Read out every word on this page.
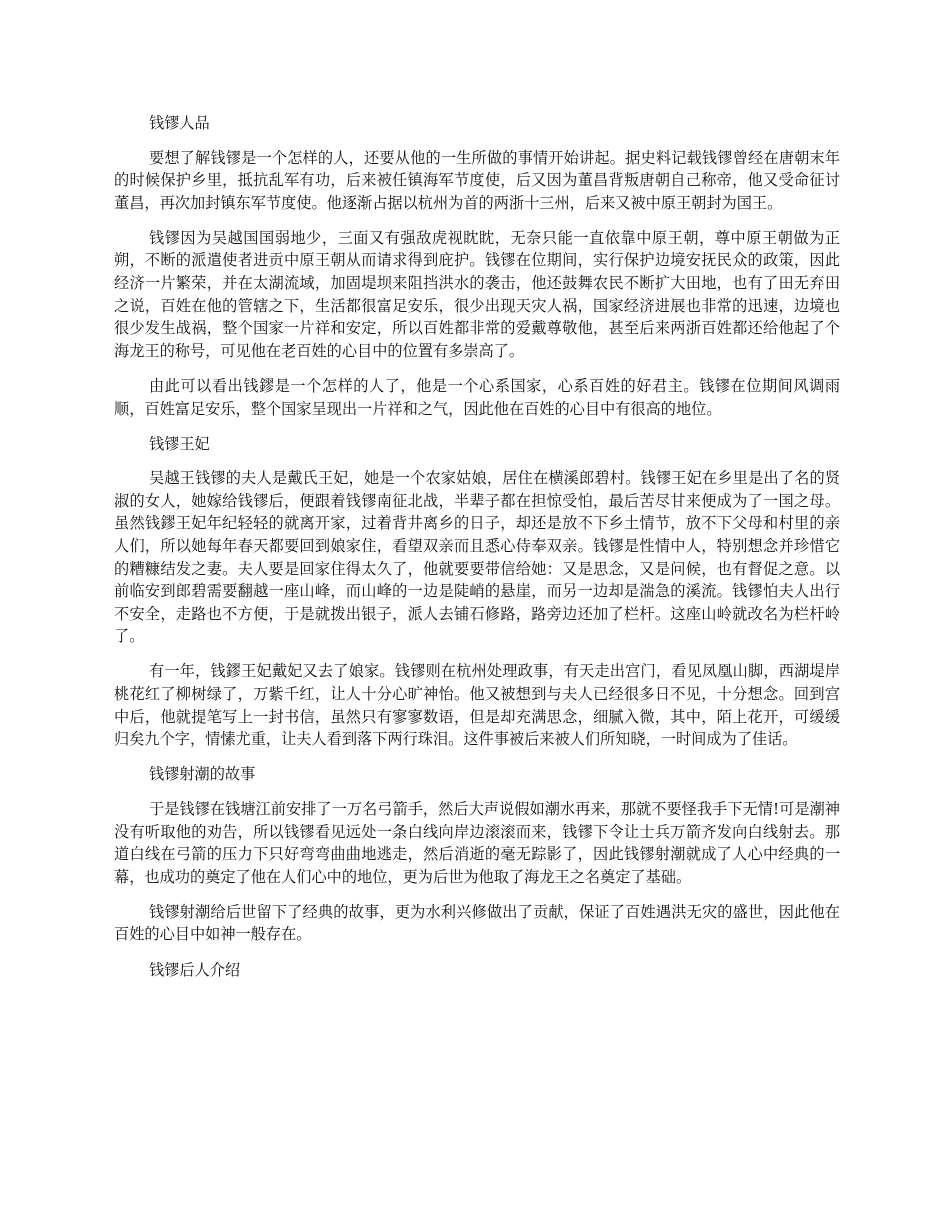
钱镠人品

要想了解钱镠是一个怎样的人，还要从他的一生所做的事情开始讲起。据史料记载钱镠曾经在唐朝末年的时候保护乡里，抵抗乱军有功，后来被任镇海军节度使，后又因为董昌背叛唐朝自己称帝，他又受命征讨董昌，再次加封镇东军节度使。他逐渐占据以杭州为首的两浙十三州，后来又被中原王朝封为国王。

钱镠因为吴越国国弱地少，三面又有强敌虎视眈眈，无奈只能一直依靠中原王朝，尊中原王朝做为正朔，不断的派遣使者进贡中原王朝从而请求得到庇护。钱镠在位期间，实行保护边境安抚民众的政策，因此经济一片繁荣，并在太湖流域，加固堤坝来阻挡洪水的袭击，他还鼓舞农民不断扩大田地，也有了田无弃田之说，百姓在他的管辖之下，生活都很富足安乐，很少出现天灾人祸，国家经济进展也非常的迅速，边境也很少发生战祸，整个国家一片祥和安定，所以百姓都非常的爱戴尊敬他，甚至后来两浙百姓都还给他起了个海龙王的称号，可见他在老百姓的心目中的位置有多崇高了。

由此可以看出钱鏐是一个怎样的人了，他是一个心系国家，心系百姓的好君主。钱镠在位期间风调雨顺，百姓富足安乐，整个国家呈现出一片祥和之气，因此他在百姓的心目中有很高的地位。

钱镠王妃

吴越王钱镠的夫人是戴氏王妃，她是一个农家姑娘，居住在横溪郎碧村。钱镠王妃在乡里是出了名的贤淑的女人，她嫁给钱镠后，便跟着钱镠南征北战，半辈子都在担惊受怕，最后苦尽甘来便成为了一国之母。虽然钱鏐王妃年纪轻轻的就离开家，过着背井离乡的日子，却还是放不下乡土情节，放不下父母和村里的亲人们，所以她每年春天都要回到娘家住，看望双亲而且悉心侍奉双亲。钱镠是性情中人，特别想念并珍惜它的糟糠结发之妻。夫人要是回家住得太久了，他就要要带信给她：又是思念，又是问候，也有督促之意。以前临安到郎碧需要翻越一座山峰，而山峰的一边是陡峭的悬崖，而另一边却是湍急的溪流。钱镠怕夫人出行不安全，走路也不方便，于是就拨出银子，派人去铺石修路，路旁边还加了栏杆。这座山岭就改名为栏杆岭了。

有一年，钱鏐王妃戴妃又去了娘家。钱镠则在杭州处理政事，有天走出宫门，看见凤凰山脚，西湖堤岸桃花红了柳树绿了，万紫千红，让人十分心旷神怡。他又被想到与夫人已经很多日不见，十分想念。回到宫中后，他就提笔写上一封书信，虽然只有寥寥数语，但是却充满思念，细腻入微，其中，陌上花开，可缓缓归矣九个字，情愫尤重，让夫人看到落下两行珠泪。这件事被后来被人们所知晓，一时间成为了佳话。

钱镠射潮的故事

于是钱镠在钱塘江前安排了一万名弓箭手，然后大声说假如潮水再来，那就不要怪我手下无情!可是潮神没有听取他的劝告，所以钱镠看见远处一条白线向岸边滚滚而来，钱镠下令让士兵万箭齐发向白线射去。那道白线在弓箭的压力下只好弯弯曲曲地逃走，然后消逝的毫无踪影了，因此钱镠射潮就成了人心中经典的一幕，也成功的奠定了他在人们心中的地位，更为后世为他取了海龙王之名奠定了基础。

钱镠射潮给后世留下了经典的故事，更为水利兴修做出了贡献，保证了百姓遇洪无灾的盛世，因此他在百姓的心目中如神一般存在。

钱镠后人介绍
